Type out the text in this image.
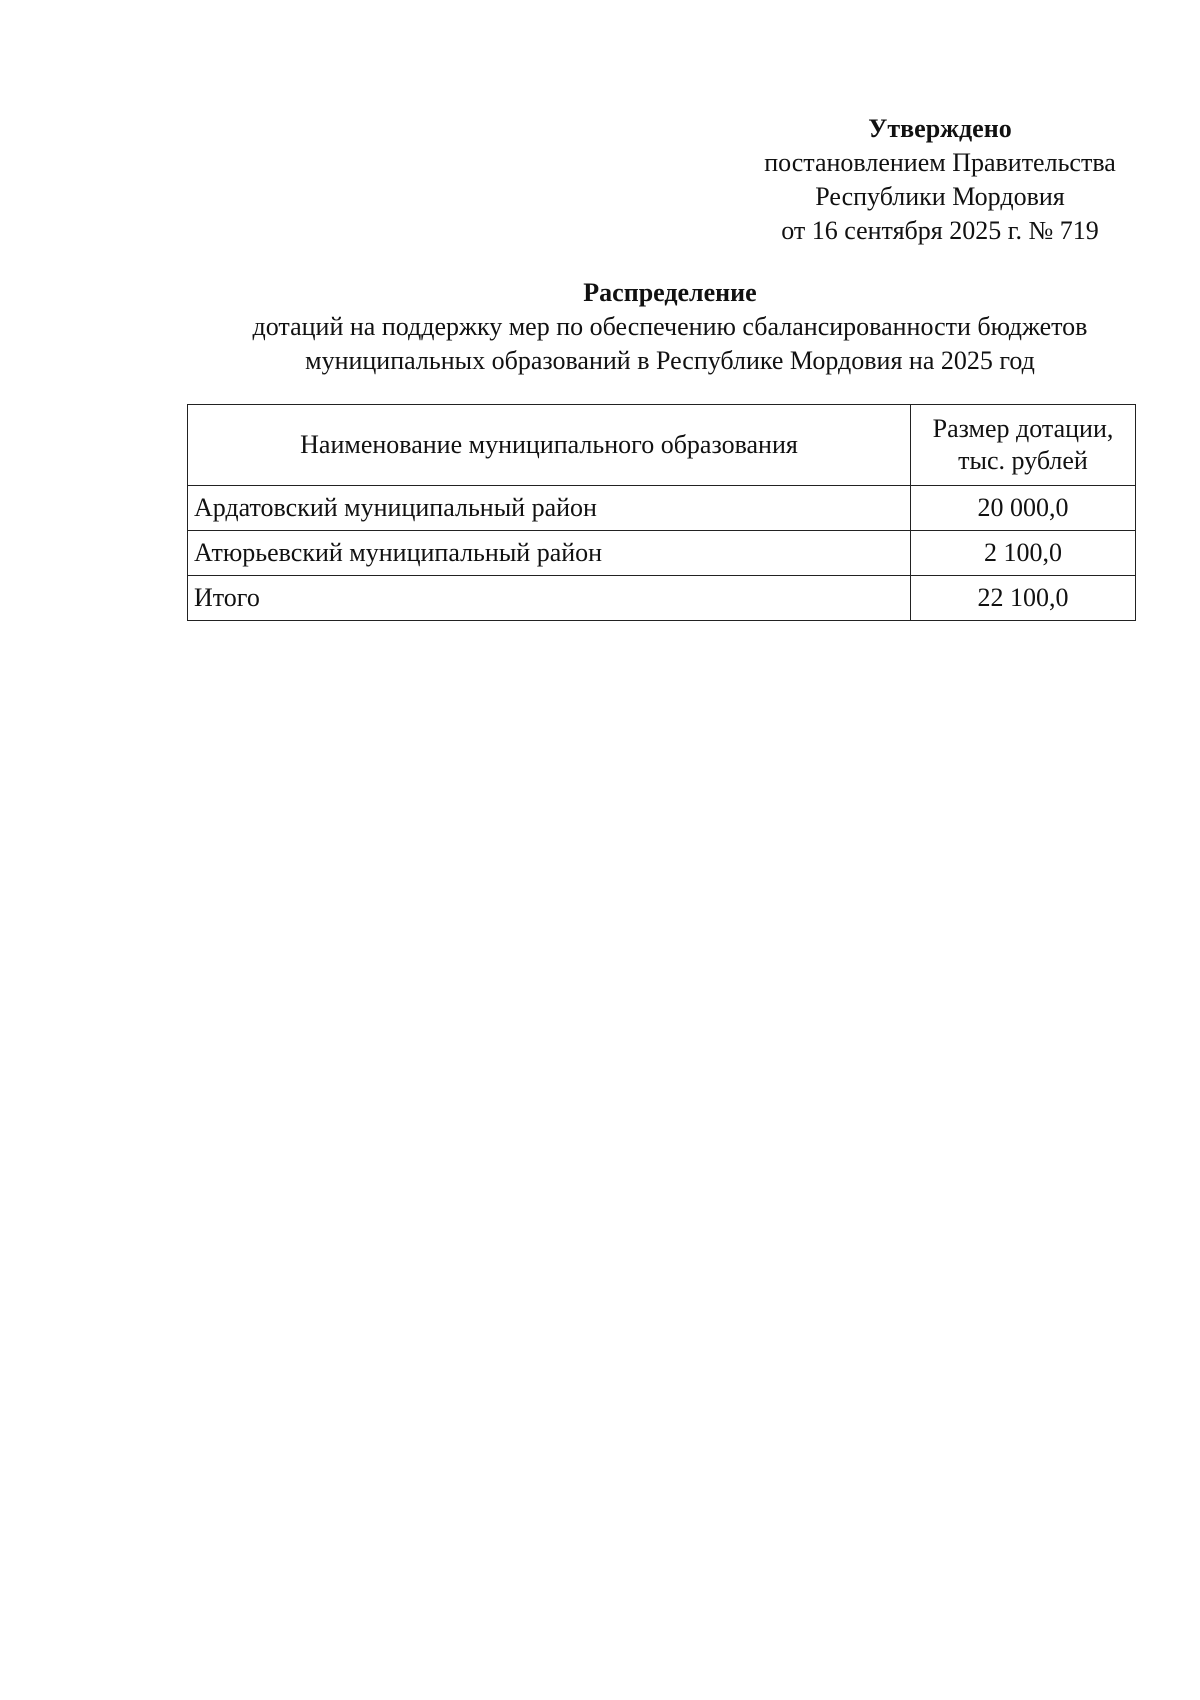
Утверждено
постановлением Правительства
Республики Мордовия
от 16 сентября 2025 г. № 719
Распределение
дотаций на поддержку мер по обеспечению сбалансированности бюджетов
муниципальных образований в Республике Мордовия на 2025 год
Наименование муниципального образования	Размер дотации,
тыс. рублей

Ардатовский муниципальный район	20 000,0
Атюрьевский муниципальный район	2 100,0
Итого	22 100,0
